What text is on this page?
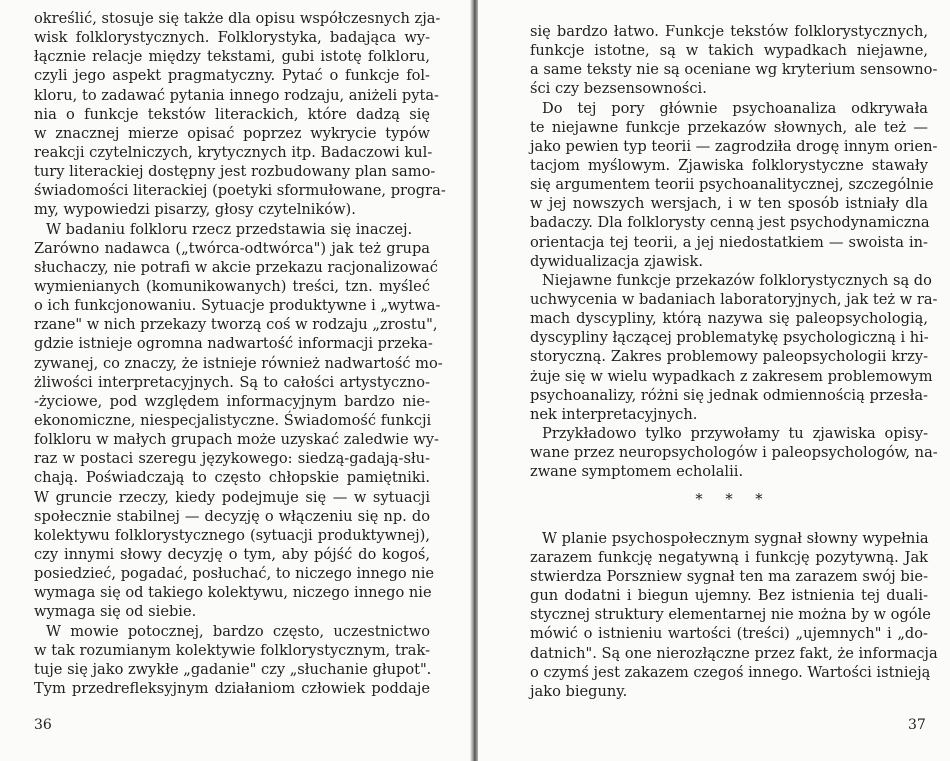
określić, stosuje się także dla opisu współczesnych zja-
wisk folklorystycznych. Folklorystyka, badająca wy-
łącznie relacje między tekstami, gubi istotę folkloru,
czyli jego aspekt pragmatyczny. Pytać o funkcje fol-
kloru, to zadawać pytania innego rodzaju, aniżeli pyta-
nia o funkcje tekstów literackich, które dadzą się
w znacznej mierze opisać poprzez wykrycie typów
reakcji czytelniczych, krytycznych itp. Badaczowi kul-
tury literackiej dostępny jest rozbudowany plan samo-
świadomości literackiej (poetyki sformułowane, progra-
my, wypowiedzi pisarzy, głosy czytelników).
W badaniu folkloru rzecz przedstawia się inaczej.
Zarówno nadawca („twórca-odtwórca") jak też grupa
słuchaczy, nie potrafi w akcie przekazu racjonalizować
wymienianych (komunikowanych) treści, tzn. myśleć
o ich funkcjonowaniu. Sytuacje produktywne i „wytwa-
rzane" w nich przekazy tworzą coś w rodzaju „zrostu",
gdzie istnieje ogromna nadwartość informacji przeka-
zywanej, co znaczy, że istnieje również nadwartość mo-
żliwości interpretacyjnych. Są to całości artystyczno-
-życiowe, pod względem informacyjnym bardzo nie-
ekonomiczne, niespecjalistyczne. Świadomość funkcji
folkloru w małych grupach może uzyskać zaledwie wy-
raz w postaci szeregu językowego: siedzą-gadają-słu-
chają. Poświadczają to często chłopskie pamiętniki.
W gruncie rzeczy, kiedy podejmuje się — w sytuacji
społecznie stabilnej — decyzję o włączeniu się np. do
kolektywu folklorystycznego (sytuacji produktywnej),
czy innymi słowy decyzję o tym, aby pójść do kogoś,
posiedzieć, pogadać, posłuchać, to niczego innego nie
wymaga się od takiego kolektywu, niczego innego nie
wymaga się od siebie.
W mowie potocznej, bardzo często, uczestnictwo
w tak rozumianym kolektywie folklorystycznym, trak-
tuje się jako zwykłe „gadanie" czy „słuchanie głupot".
Tym przedrefleksyjnym działaniom człowiek poddaje
36
się bardzo łatwo. Funkcje tekstów folklorystycznych,
funkcje istotne, są w takich wypadkach niejawne,
a same teksty nie są oceniane wg kryterium sensowno-
ści czy bezsensowności.
Do tej pory głównie psychoanaliza odkrywała
te niejawne funkcje przekazów słownych, ale też —
jako pewien typ teorii — zagrodziła drogę innym orien-
tacjom myślowym. Zjawiska folklorystyczne stawały
się argumentem teorii psychoanalitycznej, szczególnie
w jej nowszych wersjach, i w ten sposób istniały dla
badaczy. Dla folklorysty cenną jest psychodynamiczna
orientacja tej teorii, a jej niedostatkiem — swoista in-
dywidualizacja zjawisk.
Niejawne funkcje przekazów folklorystycznych są do
uchwycenia w badaniach laboratoryjnych, jak też w ra-
mach dyscypliny, którą nazywa się paleopsychologią,
dyscypliny łączącej problematykę psychologiczną i hi-
storyczną. Zakres problemowy paleopsychologii krzy-
żuje się w wielu wypadkach z zakresem problemowym
psychoanalizy, różni się jednak odmiennością przesła-
nek interpretacyjnych.
Przykładowo tylko przywołamy tu zjawiska opisy-
wane przez neuropsychologów i paleopsychologów, na-
zwane symptomem echolalii.
* * *
W planie psychospołecznym sygnał słowny wypełnia
zarazem funkcję negatywną i funkcję pozytywną. Jak
stwierdza Porszniew sygnał ten ma zarazem swój bie-
gun dodatni i biegun ujemny. Bez istnienia tej duali-
stycznej struktury elementarnej nie można by w ogóle
mówić o istnieniu wartości (treści) „ujemnych" i „do-
datnich". Są one nierozłączne przez fakt, że informacja
o czymś jest zakazem czegoś innego. Wartości istnieją
jako bieguny.
37
